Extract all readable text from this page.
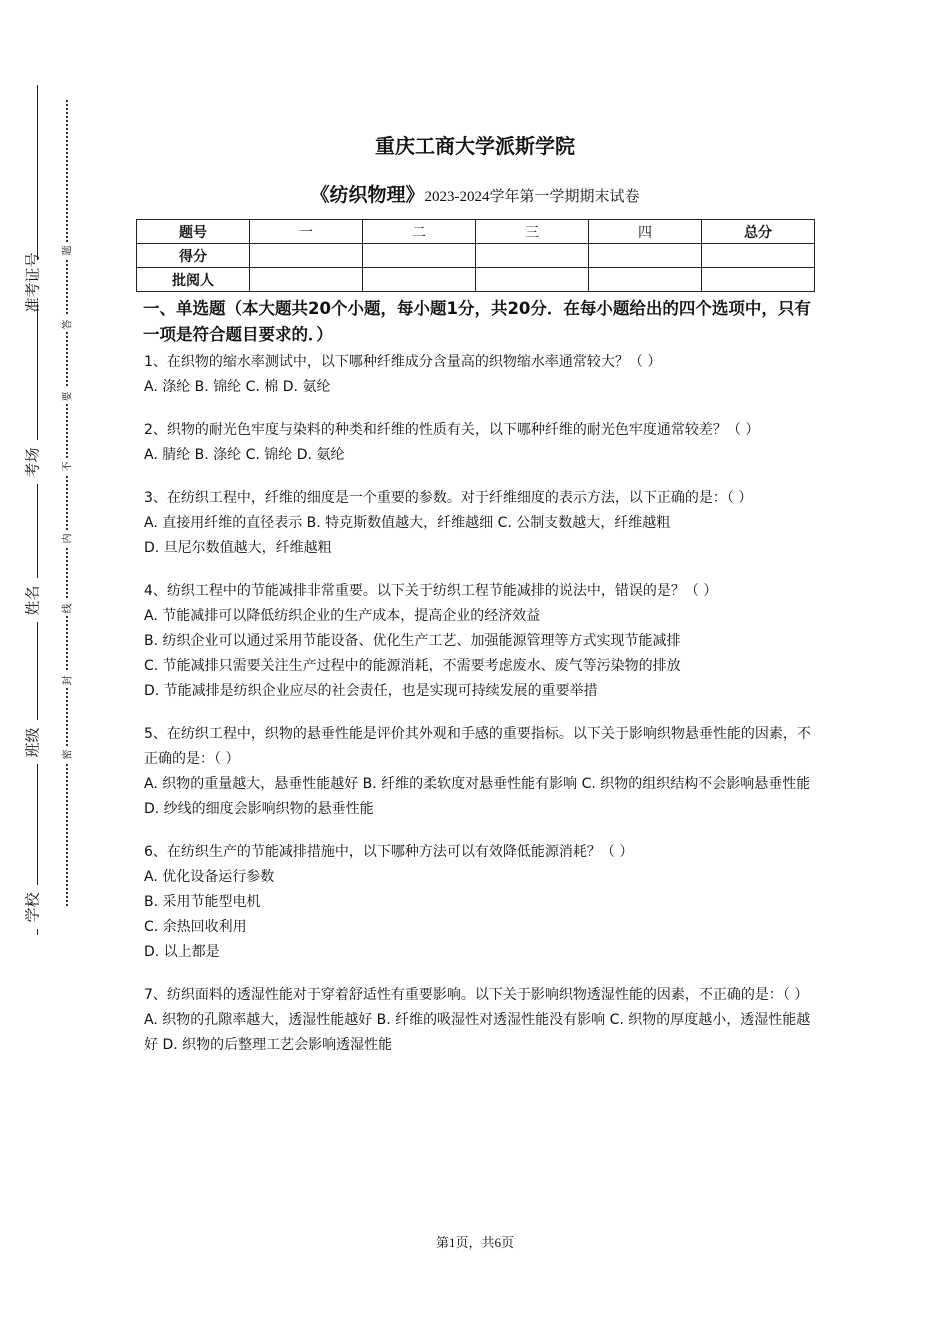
准考证号
考场
姓名
班级
学校
题
答
要
不
内
线
封
密
重庆工商大学派斯学院
《纺织物理》2023-2024学年第一学期期末试卷
题号	一	二	三	四	总分
得分					
批阅人					
一、单选题（本大题共20个小题，每小题1分，共20分．在每小题给出的四个选项中，只有一项是符合题目要求的．）

1、在织物的缩水率测试中，以下哪种纤维成分含量高的织物缩水率通常较大？（ ）

A. 涤纶 B. 锦纶 C. 棉 D. 氨纶

2、织物的耐光色牢度与染料的种类和纤维的性质有关，以下哪种纤维的耐光色牢度通常较差？（ ）

A. 腈纶 B. 涤纶 C. 锦纶 D. 氨纶

3、在纺织工程中，纤维的细度是一个重要的参数。对于纤维细度的表示方法，以下正确的是：（ ）

A. 直接用纤维的直径表示 B. 特克斯数值越大，纤维越细 C. 公制支数越大，纤维越粗

D. 旦尼尔数值越大，纤维越粗

4、纺织工程中的节能减排非常重要。以下关于纺织工程节能减排的说法中，错误的是？（ ）

A. 节能减排可以降低纺织企业的生产成本，提高企业的经济效益

B. 纺织企业可以通过采用节能设备、优化生产工艺、加强能源管理等方式实现节能减排

C. 节能减排只需要关注生产过程中的能源消耗，不需要考虑废水、废气等污染物的排放

D. 节能减排是纺织企业应尽的社会责任，也是实现可持续发展的重要举措

5、在纺织工程中，织物的悬垂性能是评价其外观和手感的重要指标。以下关于影响织物悬垂性能的因素，不正确的是：（ ）

A. 织物的重量越大，悬垂性能越好 B. 纤维的柔软度对悬垂性能有影响 C. 织物的组织结构不会影响悬垂性能 D. 纱线的细度会影响织物的悬垂性能

6、在纺织生产的节能减排措施中，以下哪种方法可以有效降低能源消耗？（ ）

A. 优化设备运行参数

B. 采用节能型电机

C. 余热回收利用

D. 以上都是

7、纺织面料的透湿性能对于穿着舒适性有重要影响。以下关于影响织物透湿性能的因素，不正确的是：（ ）

A. 织物的孔隙率越大，透湿性能越好 B. 纤维的吸湿性对透湿性能没有影响 C. 织物的厚度越小，透湿性能越好 D. 织物的后整理工艺会影响透湿性能

第1页，共6页
